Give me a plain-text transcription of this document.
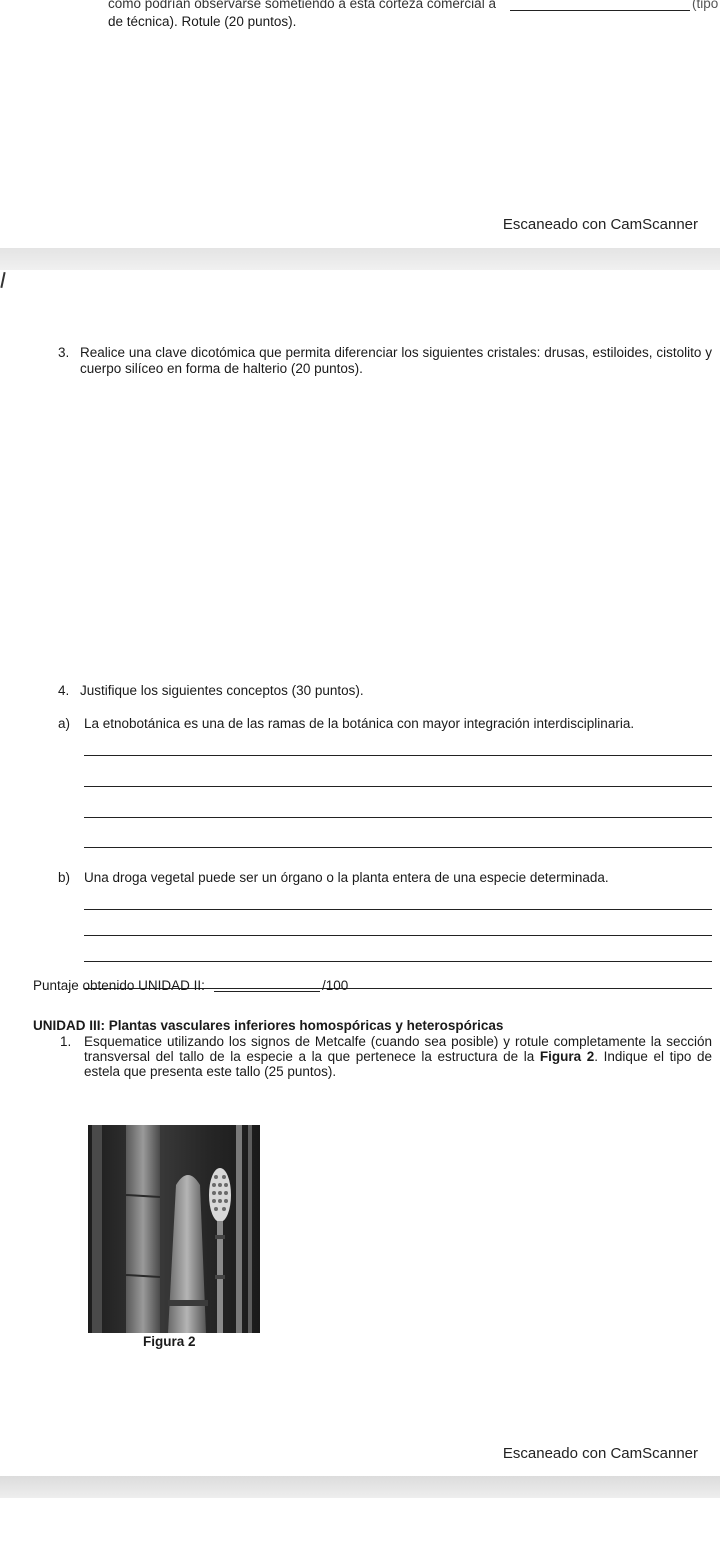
como podrían observarse sometiendo a esta corteza comercial a	(tipo
de técnica). Rotule (20 puntos).
Escaneado con CamScanner
3. Realice una clave dicotómica que permita diferenciar los siguientes cristales: drusas, estiloides, cistolito y cuerpo silíceo en forma de halterio (20 puntos).
4. Justifique los siguientes conceptos (30 puntos).
a) La etnobotánica es una de las ramas de la botánica con mayor integración interdisciplinaria.
b) Una droga vegetal puede ser un órgano o la planta entera de una especie determinada.
Puntaje obtenido UNIDAD II:	/100
UNIDAD III: Plantas vasculares inferiores homospóricas y heterospóricas
1. Esquematice utilizando los signos de Metcalfe (cuando sea posible) y rotule completamente la sección transversal del tallo de la especie a la que pertenece la estructura de la Figura 2. Indique el tipo de estela que presenta este tallo (25 puntos).
Figura 2
Escaneado con CamScanner
